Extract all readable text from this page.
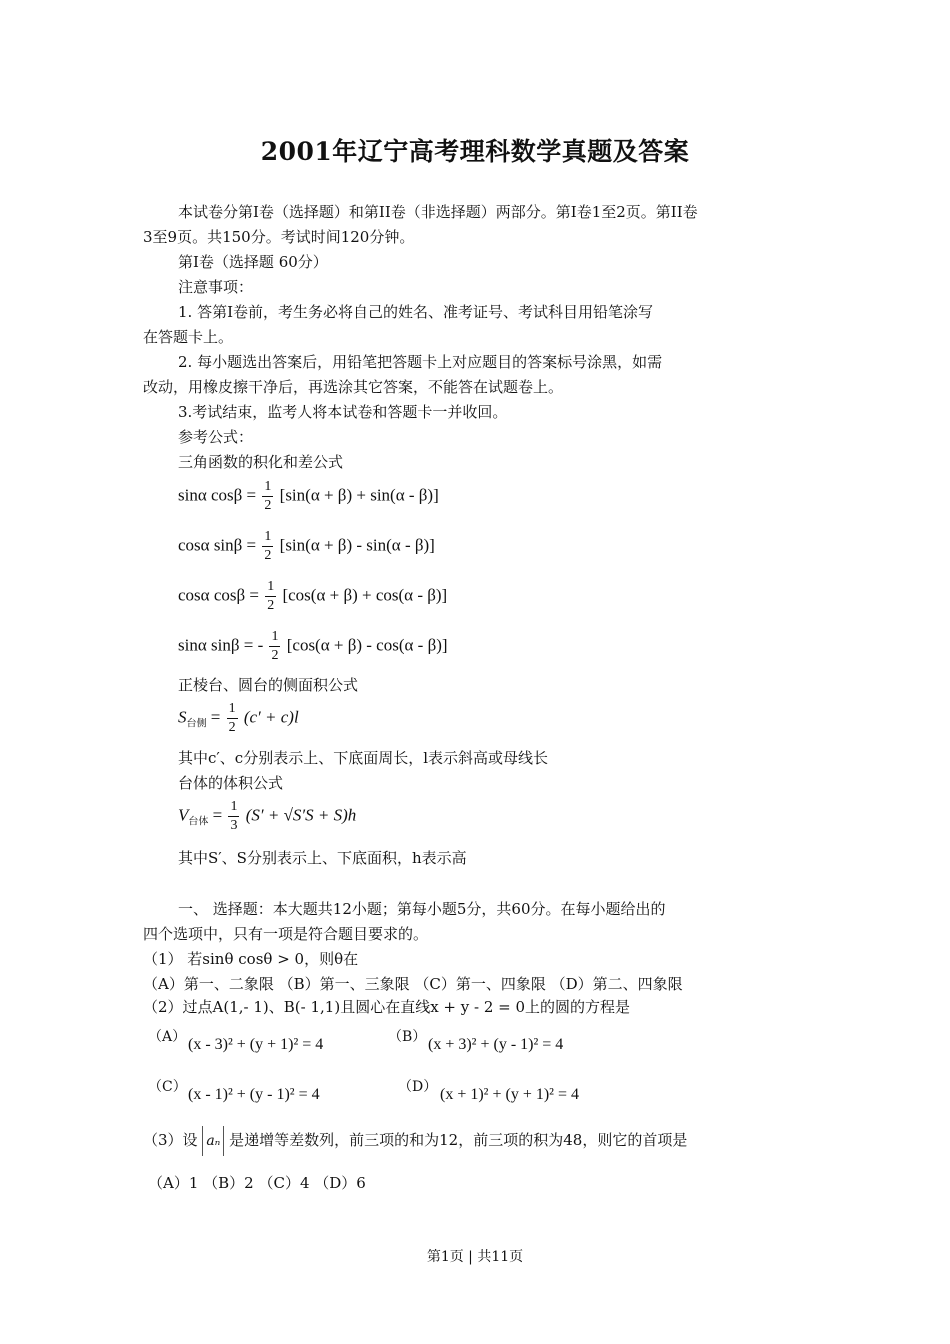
2001年辽宁高考理科数学真题及答案
本试卷分第Ⅰ卷（选择题）和第II卷（非选择题）两部分。第Ⅰ卷1至2页。第II卷
3至9页。共150分。考试时间120分钟。
第Ⅰ卷（选择题 60分）
注意事项：
1. 答第Ⅰ卷前，考生务必将自己的姓名、准考证号、考试科目用铅笔涂写
在答题卡上。
2. 每小题选出答案后，用铅笔把答题卡上对应题目的答案标号涂黑，如需
改动，用橡皮擦干净后，再选涂其它答案，不能答在试题卷上。
3.考试结束，监考人将本试卷和答题卡一并收回。
参考公式：
三角函数的积化和差公式
sinα $\cos\beta = \frac{1}{2} [\sin(\alpha + \beta) + \sin(\alpha - \beta)]$
cosα $\sin\beta = \frac{1}{2} [\sin(\alpha + \beta) - \sin(\alpha - \beta)]$
cosα $\cos\beta = \frac{1}{2} [\cos(\alpha + \beta) + \cos(\alpha - \beta)]$
sinα sinβ = - $\frac{1}{2} [\cos(\alpha + \beta) - \cos(\alpha - \beta)]$
正棱台、圆台的侧面积公式
$S_{台侧} = \frac{1}{2} (c' + c)l$
其中c′、c分别表示上、下底面周长，l表示斜高或母线长
台体的体积公式
$V_{台体} = \frac{1}{3} (S' + √S'S + S)h$
其中S′、S分别表示上、下底面积，h表示高
一、 选择题：本大题共12小题；第每小题5分，共60分。在每小题给出的
四个选项中，只有一项是符合题目要求的。
（1） 若sinθ cosθ > 0，则θ在
（A）第一、二象限 （B）第一、三象限 （C）第一、四象限 （D）第二、四象限
（2）过点A(1,- 1)、B(- 1,1)且圆心在直线x + y - 2 = 0上的圆的方程是
（A） (x - 3)² + (y + 1)² = 4	（B） (x + 3)² + (y - 1)² = 4
（C） (x - 1)² + (y - 1)² = 4	（D） (x + 1)² + (y + 1)² = 4
（3）设 aₙ 是递增等差数列，前三项的和为12，前三项的积为48，则它的首项是
（A）1 （B）2 （C）4 （D）6
第1页 | 共11页
